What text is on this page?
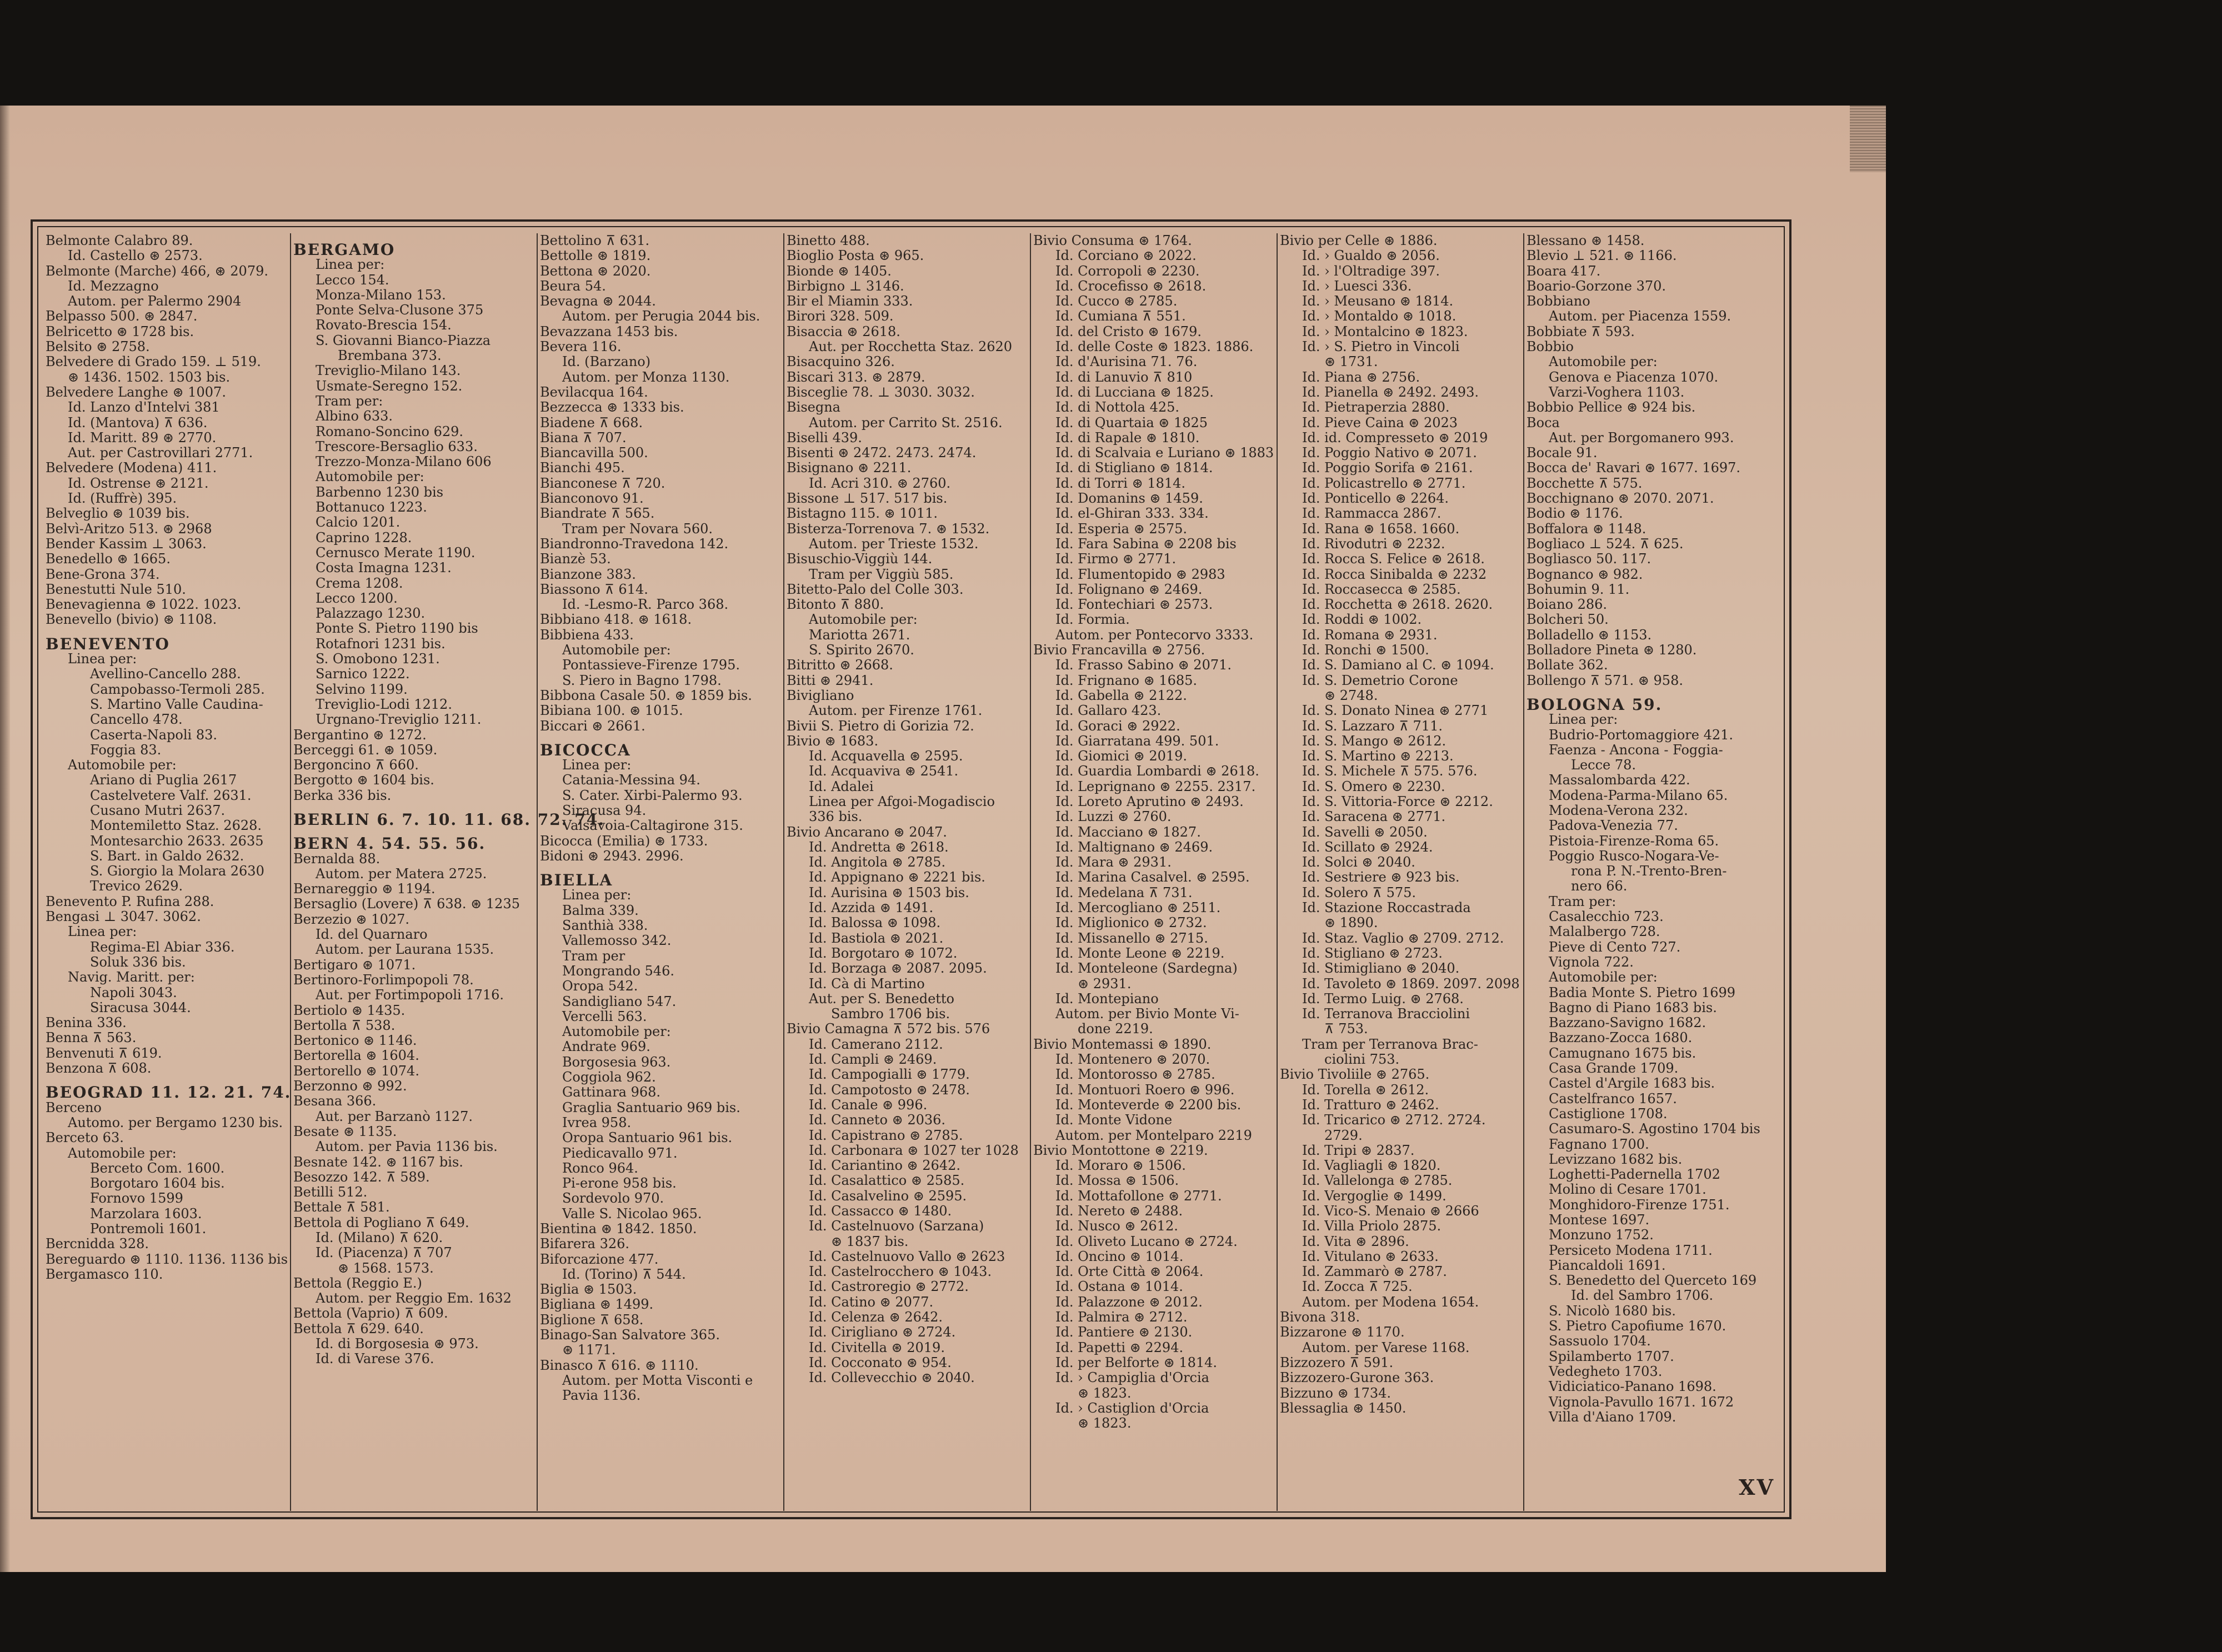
Belmonte Calabro 89.
Id. Castello ⊛ 2573.
Belmonte (Marche) 466, ⊛ 2079.
Id. Mezzagno
Autom. per Palermo 2904
Belpasso 500. ⊛ 2847.
Belricetto ⊛ 1728 bis.
Belsito ⊛ 2758.
Belvedere di Grado 159. ⊥ 519.
⊛ 1436. 1502. 1503 bis.
Belvedere Langhe ⊛ 1007.
Id. Lanzo d'Intelvi 381
Id. (Mantova) ⊼ 636.
Id. Maritt. 89 ⊛ 2770.
Aut. per Castrovillari 2771.
Belvedere (Modena) 411.
Id. Ostrense ⊛ 2121.
Id. (Ruffrè) 395.
Belveglio ⊛ 1039 bis.
Belvì-Aritzo 513. ⊛ 2968
Bender Kassim ⊥ 3063.
Benedello ⊛ 1665.
Bene-Grona 374.
Benestutti Nule 510.
Benevagienna ⊛ 1022. 1023.
Benevello (bivio) ⊛ 1108.
BENEVENTO
Linea per:
Avellino-Cancello 288.
Campobasso-Termoli 285.
S. Martino Valle Caudina-
Cancello 478.
Caserta-Napoli 83.
Foggia 83.
Automobile per:
Ariano di Puglia 2617
Castelvetere Valf. 2631.
Cusano Mutri 2637.
Montemiletto Staz. 2628.
Montesarchio 2633. 2635
S. Bart. in Galdo 2632.
S. Giorgio la Molara 2630
Trevico 2629.
Benevento P. Rufina 288.
Bengasi ⊥ 3047. 3062.
Linea per:
Regima-El Abiar 336.
Soluk 336 bis.
Navig. Maritt. per:
Napoli 3043.
Siracusa 3044.
Benina 336.
Benna ⊼ 563.
Benvenuti ⊼ 619.
Benzona ⊼ 608.
BEOGRAD 11. 12. 21. 74.
Berceno
Automo. per Bergamo 1230 bis.
Berceto 63.
Automobile per:
Berceto Com. 1600.
Borgotaro 1604 bis.
Fornovo 1599
Marzolara 1603.
Pontremoli 1601.
Bercnidda 328.
Bereguardo ⊛ 1110. 1136. 1136 bis
Bergamasco 110.
BERGAMO
Linea per:
Lecco 154.
Monza-Milano 153.
Ponte Selva-Clusone 375
Rovato-Brescia 154.
S. Giovanni Bianco-Piazza
Brembana 373.
Treviglio-Milano 143.
Usmate-Seregno 152.
Tram per:
Albino 633.
Romano-Soncino 629.
Trescore-Bersaglio 633.
Trezzo-Monza-Milano 606
Automobile per:
Barbenno 1230 bis
Bottanuco 1223.
Calcio 1201.
Caprino 1228.
Cernusco Merate 1190.
Costa Imagna 1231.
Crema 1208.
Lecco 1200.
Palazzago 1230.
Ponte S. Pietro 1190 bis
Rotafnori 1231 bis.
S. Omobono 1231.
Sarnico 1222.
Selvino 1199.
Treviglio-Lodi 1212.
Urgnano-Treviglio 1211.
Bergantino ⊛ 1272.
Berceggi 61. ⊛ 1059.
Bergoncino ⊼ 660.
Bergotto ⊛ 1604 bis.
Berka 336 bis.
BERLIN 6. 7. 10. 11. 68. 72. 74.
BERN 4. 54. 55. 56.
Bernalda 88.
Autom. per Matera 2725.
Bernareggio ⊛ 1194.
Bersaglio (Lovere) ⊼ 638. ⊛ 1235
Berzezio ⊛ 1027.
Id. del Quarnaro
Autom. per Laurana 1535.
Bertigaro ⊛ 1071.
Bertinoro-Forlimpopoli 78.
Aut. per Fortimpopoli 1716.
Bertiolo ⊛ 1435.
Bertolla ⊼ 538.
Bertonico ⊛ 1146.
Bertorella ⊛ 1604.
Bertorello ⊛ 1074.
Berzonno ⊛ 992.
Besana 366.
Aut. per Barzanò 1127.
Besate ⊛ 1135.
Autom. per Pavia 1136 bis.
Besnate 142. ⊛ 1167 bis.
Besozzo 142. ⊼ 589.
Betilli 512.
Bettale ⊼ 581.
Bettola di Pogliano ⊼ 649.
Id. (Milano) ⊼ 620.
Id. (Piacenza) ⊼ 707
⊛ 1568. 1573.
Bettola (Reggio E.)
Autom. per Reggio Em. 1632
Bettola (Vaprio) ⊼ 609.
Bettola ⊼ 629. 640.
Id. di Borgosesia ⊛ 973.
Id. di Varese 376.
Bettolino ⊼ 631.
Bettolle ⊛ 1819.
Bettona ⊛ 2020.
Beura 54.
Bevagna ⊛ 2044.
Autom. per Perugia 2044 bis.
Bevazzana 1453 bis.
Bevera 116.
Id. (Barzano)
Autom. per Monza 1130.
Bevilacqua 164.
Bezzecca ⊛ 1333 bis.
Biadene ⊼ 668.
Biana ⊼ 707.
Biancavilla 500.
Bianchi 495.
Bianconese ⊼ 720.
Bianconovo 91.
Biandrate ⊼ 565.
Tram per Novara 560.
Biandronno-Travedona 142.
Bianzè 53.
Bianzone 383.
Biassono ⊼ 614.
Id. -Lesmo-R. Parco 368.
Bibbiano 418. ⊛ 1618.
Bibbiena 433.
Automobile per:
Pontassieve-Firenze 1795.
S. Piero in Bagno 1798.
Bibbona Casale 50. ⊛ 1859 bis.
Bibiana 100. ⊛ 1015.
Biccari ⊛ 2661.
BICOCCA
Linea per:
Catania-Messina 94.
S. Cater. Xirbi-Palermo 93.
Siracusa 94.
Valsavoia-Caltagirone 315.
Bicocca (Emilia) ⊛ 1733.
Bidoni ⊛ 2943. 2996.
BIELLA
Linea per:
Balma 339.
Santhià 338.
Vallemosso 342.
Tram per
Mongrando 546.
Oropa 542.
Sandigliano 547.
Vercelli 563.
Automobile per:
Andrate 969.
Borgosesia 963.
Coggiola 962.
Gattinara 968.
Graglia Santuario 969 bis.
Ivrea 958.
Oropa Santuario 961 bis.
Piedicavallo 971.
Ronco 964.
Pi-erone 958 bis.
Sordevolo 970.
Valle S. Nicolao 965.
Bientina ⊛ 1842. 1850.
Bifarera 326.
Biforcazione 477.
Id. (Torino) ⊼ 544.
Biglia ⊛ 1503.
Bigliana ⊛ 1499.
Biglione ⊼ 658.
Binago-San Salvatore 365.
⊛ 1171.
Binasco ⊼ 616. ⊛ 1110.
Autom. per Motta Visconti e
Pavia 1136.
Binetto 488.
Bioglio Posta ⊛ 965.
Bionde ⊛ 1405.
Birbigno ⊥ 3146.
Bir el Miamin 333.
Birori 328. 509.
Bisaccia ⊛ 2618.
Aut. per Rocchetta Staz. 2620
Bisacquino 326.
Biscari 313. ⊛ 2879.
Bisceglie 78. ⊥ 3030. 3032.
Bisegna
Autom. per Carrito St. 2516.
Biselli 439.
Bisenti ⊛ 2472. 2473. 2474.
Bisignano ⊛ 2211.
Id. Acri 310. ⊛ 2760.
Bissone ⊥ 517. 517 bis.
Bistagno 115. ⊛ 1011.
Bisterza-Torrenova 7. ⊛ 1532.
Autom. per Trieste 1532.
Bisuschio-Viggiù 144.
Tram per Viggiù 585.
Bitetto-Palo del Colle 303.
Bitonto ⊼ 880.
Automobile per:
Mariotta 2671.
S. Spirito 2670.
Bitritto ⊛ 2668.
Bitti ⊛ 2941.
Bivigliano
Autom. per Firenze 1761.
Bivii S. Pietro di Gorizia 72.
Bivio ⊛ 1683.
Id. Acquavella ⊛ 2595.
Id. Acquaviva ⊛ 2541.
Id. Adalei
Linea per Afgoi-Mogadiscio
336 bis.
Bivio Ancarano ⊛ 2047.
Id. Andretta ⊛ 2618.
Id. Angitola ⊛ 2785.
Id. Appignano ⊛ 2221 bis.
Id. Aurisina ⊛ 1503 bis.
Id. Azzida ⊛ 1491.
Id. Balossa ⊛ 1098.
Id. Bastiola ⊛ 2021.
Id. Borgotaro ⊛ 1072.
Id. Borzaga ⊛ 2087. 2095.
Id. Cà di Martino
Aut. per S. Benedetto
Sambro 1706 bis.
Bivio Camagna ⊼ 572 bis. 576
Id. Camerano 2112.
Id. Campli ⊛ 2469.
Id. Campogialli ⊛ 1779.
Id. Campotosto ⊛ 2478.
Id. Canale ⊛ 996.
Id. Canneto ⊛ 2036.
Id. Capistrano ⊛ 2785.
Id. Carbonara ⊛ 1027 ter 1028
Id. Cariantino ⊛ 2642.
Id. Casalattico ⊛ 2585.
Id. Casalvelino ⊛ 2595.
Id. Cassacco ⊛ 1480.
Id. Castelnuovo (Sarzana)
⊛ 1837 bis.
Id. Castelnuovo Vallo ⊛ 2623
Id. Castelrocchero ⊛ 1043.
Id. Castroregio ⊛ 2772.
Id. Catino ⊛ 2077.
Id. Celenza ⊛ 2642.
Id. Cirigliano ⊛ 2724.
Id. Civitella ⊛ 2019.
Id. Cocconato ⊛ 954.
Id. Collevecchio ⊛ 2040.
Bivio Consuma ⊛ 1764.
Id. Corciano ⊛ 2022.
Id. Corropoli ⊛ 2230.
Id. Crocefisso ⊛ 2618.
Id. Cucco ⊛ 2785.
Id. Cumiana ⊼ 551.
Id. del Cristo ⊛ 1679.
Id. delle Coste ⊛ 1823. 1886.
Id. d'Aurisina 71. 76.
Id. di Lanuvio ⊼ 810
Id. di Lucciana ⊛ 1825.
Id. di Nottola 425.
Id. di Quartaia ⊛ 1825
Id. di Rapale ⊛ 1810.
Id. di Scalvaia e Luriano ⊛ 1883
Id. di Stigliano ⊛ 1814.
Id. di Torri ⊛ 1814.
Id. Domanins ⊛ 1459.
Id. el-Ghiran 333. 334.
Id. Esperia ⊛ 2575.
Id. Fara Sabina ⊛ 2208 bis
Id. Firmo ⊛ 2771.
Id. Flumentopido ⊛ 2983
Id. Folignano ⊛ 2469.
Id. Fontechiari ⊛ 2573.
Id. Formia.
Autom. per Pontecorvo 3333.
Bivio Francavilla ⊛ 2756.
Id. Frasso Sabino ⊛ 2071.
Id. Frignano ⊛ 1685.
Id. Gabella ⊛ 2122.
Id. Gallaro 423.
Id. Goraci ⊛ 2922.
Id. Giarratana 499. 501.
Id. Giomici ⊛ 2019.
Id. Guardia Lombardi ⊛ 2618.
Id. Leprignano ⊛ 2255. 2317.
Id. Loreto Aprutino ⊛ 2493.
Id. Luzzi ⊛ 2760.
Id. Macciano ⊛ 1827.
Id. Maltignano ⊛ 2469.
Id. Mara ⊛ 2931.
Id. Marina Casalvel. ⊛ 2595.
Id. Medelana ⊼ 731.
Id. Mercogliano ⊛ 2511.
Id. Miglionico ⊛ 2732.
Id. Missanello ⊛ 2715.
Id. Monte Leone ⊛ 2219.
Id. Monteleone (Sardegna)
⊛ 2931.
Id. Montepiano
Autom. per Bivio Monte Vi-
done 2219.
Bivio Montemassi ⊛ 1890.
Id. Montenero ⊛ 2070.
Id. Montorosso ⊛ 2785.
Id. Montuori Roero ⊛ 996.
Id. Monteverde ⊛ 2200 bis.
Id. Monte Vidone
Autom. per Montelparo 2219
Bivio Montottone ⊛ 2219.
Id. Moraro ⊛ 1506.
Id. Mossa ⊛ 1506.
Id. Mottafollone ⊛ 2771.
Id. Nereto ⊛ 2488.
Id. Nusco ⊛ 2612.
Id. Oliveto Lucano ⊛ 2724.
Id. Oncino ⊛ 1014.
Id. Orte Città ⊛ 2064.
Id. Ostana ⊛ 1014.
Id. Palazzone ⊛ 2012.
Id. Palmira ⊛ 2712.
Id. Pantiere ⊛ 2130.
Id. Papetti ⊛ 2294.
Id. per Belforte ⊛ 1814.
Id. › Campiglia d'Orcia
⊛ 1823.
Id. › Castiglion d'Orcia
⊛ 1823.
Bivio per Celle ⊛ 1886.
Id. › Gualdo ⊛ 2056.
Id. › l'Oltradige 397.
Id. › Luesci 336.
Id. › Meusano ⊛ 1814.
Id. › Montaldo ⊛ 1018.
Id. › Montalcino ⊛ 1823.
Id. › S. Pietro in Vincoli
⊛ 1731.
Id. Piana ⊛ 2756.
Id. Pianella ⊛ 2492. 2493.
Id. Pietraperzia 2880.
Id. Pieve Caina ⊛ 2023
Id. id. Compresseto ⊛ 2019
Id. Poggio Nativo ⊛ 2071.
Id. Poggio Sorifa ⊛ 2161.
Id. Policastrello ⊛ 2771.
Id. Ponticello ⊛ 2264.
Id. Rammacca 2867.
Id. Rana ⊛ 1658. 1660.
Id. Rivodutri ⊛ 2232.
Id. Rocca S. Felice ⊛ 2618.
Id. Rocca Sinibalda ⊛ 2232
Id. Roccasecca ⊛ 2585.
Id. Rocchetta ⊛ 2618. 2620.
Id. Roddi ⊛ 1002.
Id. Romana ⊛ 2931.
Id. Ronchi ⊛ 1500.
Id. S. Damiano al C. ⊛ 1094.
Id. S. Demetrio Corone
⊛ 2748.
Id. S. Donato Ninea ⊛ 2771
Id. S. Lazzaro ⊼ 711.
Id. S. Mango ⊛ 2612.
Id. S. Martino ⊛ 2213.
Id. S. Michele ⊼ 575. 576.
Id. S. Omero ⊛ 2230.
Id. S. Vittoria-Force ⊛ 2212.
Id. Saracena ⊛ 2771.
Id. Savelli ⊛ 2050.
Id. Scillato ⊛ 2924.
Id. Solci ⊛ 2040.
Id. Sestriere ⊛ 923 bis.
Id. Solero ⊼ 575.
Id. Stazione Roccastrada
⊛ 1890.
Id. Staz. Vaglio ⊛ 2709. 2712.
Id. Stigliano ⊛ 2723.
Id. Stimigliano ⊛ 2040.
Id. Tavoleto ⊛ 1869. 2097. 2098
Id. Termo Luig. ⊛ 2768.
Id. Terranova Bracciolini
⊼ 753.
Tram per Terranova Brac-
ciolini 753.
Bivio Tivoliile ⊛ 2765.
Id. Torella ⊛ 2612.
Id. Tratturo ⊛ 2462.
Id. Tricarico ⊛ 2712. 2724.
2729.
Id. Tripi ⊛ 2837.
Id. Vagliagli ⊛ 1820.
Id. Vallelonga ⊛ 2785.
Id. Vergoglie ⊛ 1499.
Id. Vico-S. Menaio ⊛ 2666
Id. Villa Priolo 2875.
Id. Vita ⊛ 2896.
Id. Vitulano ⊛ 2633.
Id. Zammarò ⊛ 2787.
Id. Zocca ⊼ 725.
Autom. per Modena 1654.
Bivona 318.
Bizzarone ⊛ 1170.
Autom. per Varese 1168.
Bizzozero ⊼ 591.
Bizzozero-Gurone 363.
Bizzuno ⊛ 1734.
Blessaglia ⊛ 1450.
Blessano ⊛ 1458.
Blevio ⊥ 521. ⊛ 1166.
Boara 417.
Boario-Gorzone 370.
Bobbiano
Autom. per Piacenza 1559.
Bobbiate ⊼ 593.
Bobbio
Automobile per:
Genova e Piacenza 1070.
Varzi-Voghera 1103.
Bobbio Pellice ⊛ 924 bis.
Boca
Aut. per Borgomanero 993.
Bocale 91.
Bocca de' Ravari ⊛ 1677. 1697.
Bocchette ⊼ 575.
Bocchignano ⊛ 2070. 2071.
Bodio ⊛ 1176.
Boffalora ⊛ 1148.
Bogliaco ⊥ 524. ⊼ 625.
Bogliasco 50. 117.
Bognanco ⊛ 982.
Bohumin 9. 11.
Boiano 286.
Bolcheri 50.
Bolladello ⊛ 1153.
Bolladore Pineta ⊛ 1280.
Bollate 362.
Bollengo ⊼ 571. ⊛ 958.
BOLOGNA 59.
Linea per:
Budrio-Portomaggiore 421.
Faenza - Ancona - Foggia-
Lecce 78.
Massalombarda 422.
Modena-Parma-Milano 65.
Modena-Verona 232.
Padova-Venezia 77.
Pistoia-Firenze-Roma 65.
Poggio Rusco-Nogara-Ve-
rona P. N.-Trento-Bren-
nero 66.
Tram per:
Casalecchio 723.
Malalbergo 728.
Pieve di Cento 727.
Vignola 722.
Automobile per:
Badia Monte S. Pietro 1699
Bagno di Piano 1683 bis.
Bazzano-Savigno 1682.
Bazzano-Zocca 1680.
Camugnano 1675 bis.
Casa Grande 1709.
Castel d'Argile 1683 bis.
Castelfranco 1657.
Castiglione 1708.
Casumaro-S. Agostino 1704 bis
Fagnano 1700.
Levizzano 1682 bis.
Loghetti-Padernella 1702
Molino di Cesare 1701.
Monghidoro-Firenze 1751.
Montese 1697.
Monzuno 1752.
Persiceto Modena 1711.
Piancaldoli 1691.
S. Benedetto del Querceto 169
Id. del Sambro 1706.
S. Nicolò 1680 bis.
S. Pietro Capofiume 1670.
Sassuolo 1704.
Spilamberto 1707.
Vedegheto 1703.
Vidiciatico-Panano 1698.
Vignola-Pavullo 1671. 1672
Villa d'Aiano 1709.
XV
